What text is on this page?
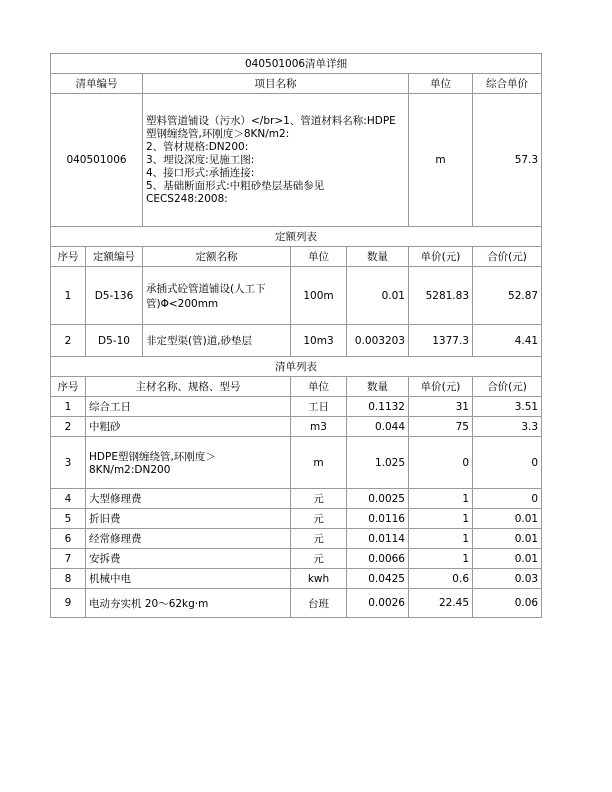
040501006清单详细						
清单编号		项目名称			单位	综合单价
040501006		塑料管道铺设（污水）</br>1、管道材料名称:HDPE塑钢缠绕管,环刚度＞8KN/m2:
2、管材规格:DN200:
3、埋设深度:见施工图:
4、接口形式:承插连接:
5、基础断面形式:中粗砂垫层基础参见CECS248:2008:			m	57.3
定额列表						
序号	定额编号	定额名称	单位	数量	单价(元)	合价(元)
1	D5-136	承插式砼管道铺设(人工下管)Φ<200mm	100m	0.01	5281.83	52.87
2	D5-10	非定型渠(管)道,砂垫层	10m3	0.003203	1377.3	4.41
清单列表						
序号	主材名称、规格、型号		单位	数量	单价(元)	合价(元)
1	综合工日		工日	0.1132	31	3.51
2	中粗砂		m3	0.044	75	3.3
3	HDPE塑钢缠绕管,环刚度＞8KN/m2:DN200		m	1.025	0	0
4	大型修理费		元	0.0025	1	0
5	折旧费		元	0.0116	1	0.01
6	经常修理费		元	0.0114	1	0.01
7	安拆费		元	0.0066	1	0.01
8	机械中电		kwh	0.0425	0.6	0.03
9	电动夯实机 20～62kg·m		台班	0.0026	22.45	0.06
